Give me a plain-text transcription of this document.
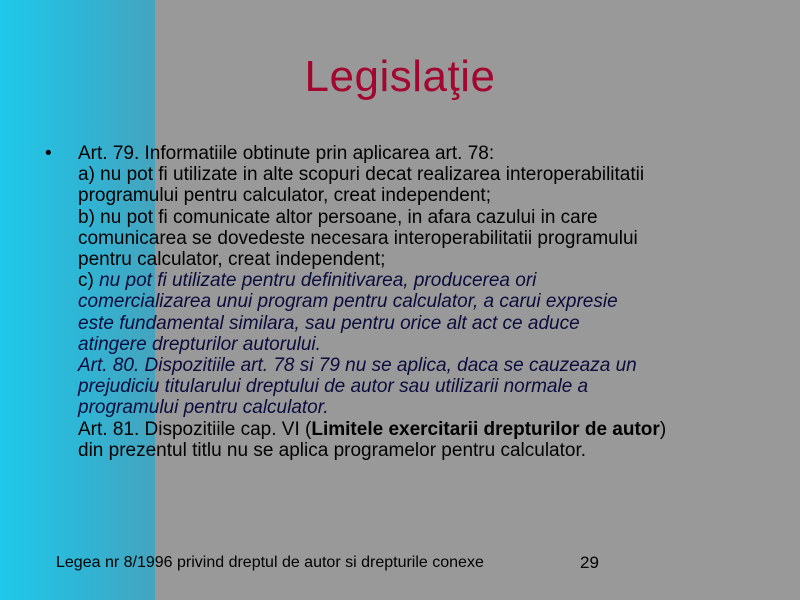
Legislaţie
• Art. 79. Informatiile obtinute prin aplicarea art. 78:
a) nu pot fi utilizate in alte scopuri decat realizarea interoperabilitatii
programului pentru calculator, creat independent;
b) nu pot fi comunicate altor persoane, in afara cazului in care
comunicarea se dovedeste necesara interoperabilitatii programului
pentru calculator, creat independent;
c) nu pot fi utilizate pentru definitivarea, producerea ori
comercializarea unui program pentru calculator, a carui expresie
este fundamental similara, sau pentru orice alt act ce aduce
atingere drepturilor autorului.
Art. 80. Dispozitiile art. 78 si 79 nu se aplica, daca se cauzeaza un
prejudiciu titularului dreptului de autor sau utilizarii normale a
programului pentru calculator.
Art. 81. Dispozitiile cap. VI (Limitele exercitarii drepturilor de autor)
din prezentul titlu nu se aplica programelor pentru calculator.
Legea nr 8/1996 privind dreptul de autor si drepturile conexe	29
